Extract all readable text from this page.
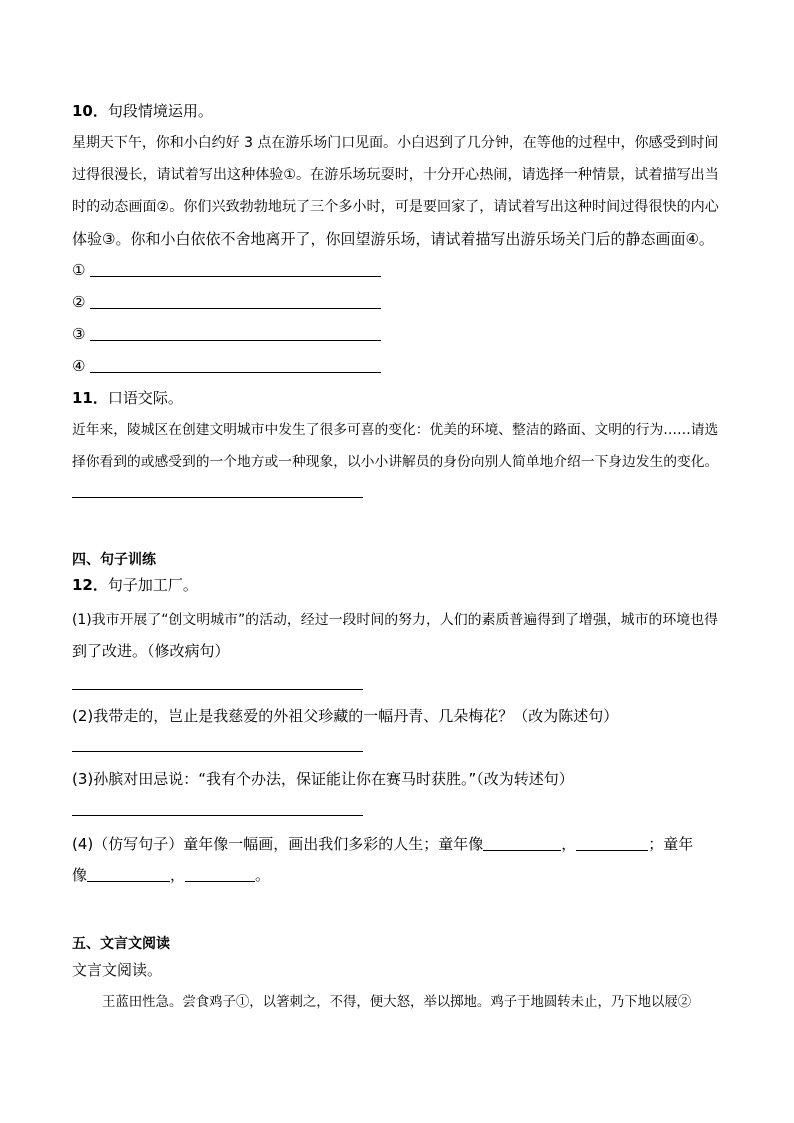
10．句段情境运用。
星期天下午，你和小白约好 3 点在游乐场门口见面。小白迟到了几分钟，在等他的过程中，你感受到时间
过得很漫长，请试着写出这种体验①。在游乐场玩耍时，十分开心热闹，请选择一种情景，试着描写出当
时的动态画面②。你们兴致勃勃地玩了三个多小时，可是要回家了，请试着写出这种时间过得很快的内心
体验③。你和小白依依不舍地离开了，你回望游乐场，请试着描写出游乐场关门后的静态画面④。
①
②
③
④
11．口语交际。
近年来，陵城区在创建文明城市中发生了很多可喜的变化：优美的环境、整洁的路面、文明的行为……请选
择你看到的或感受到的一个地方或一种现象，以小小讲解员的身份向别人简单地介绍一下身边发生的变化。
四、句子训练
12．句子加工厂。
(1)我市开展了“创文明城市”的活动，经过一段时间的努力，人们的素质普遍得到了增强，城市的环境也得
到了改进。（修改病句）
(2)我带走的，岂止是我慈爱的外祖父珍藏的一幅丹青、几朵梅花？（改为陈述句）
(3)孙膑对田忌说：“我有个办法，保证能让你在赛马时获胜。”（改为转述句）
(4)（仿写句子）童年像一幅画，画出我们多彩的人生；童年像	，	；童年
像	，	。
五、文言文阅读
文言文阅读。
王蓝田性急。尝食鸡子①，以箸刺之，不得，便大怒，举以掷地。鸡子于地圆转未止，乃下地以屐②
